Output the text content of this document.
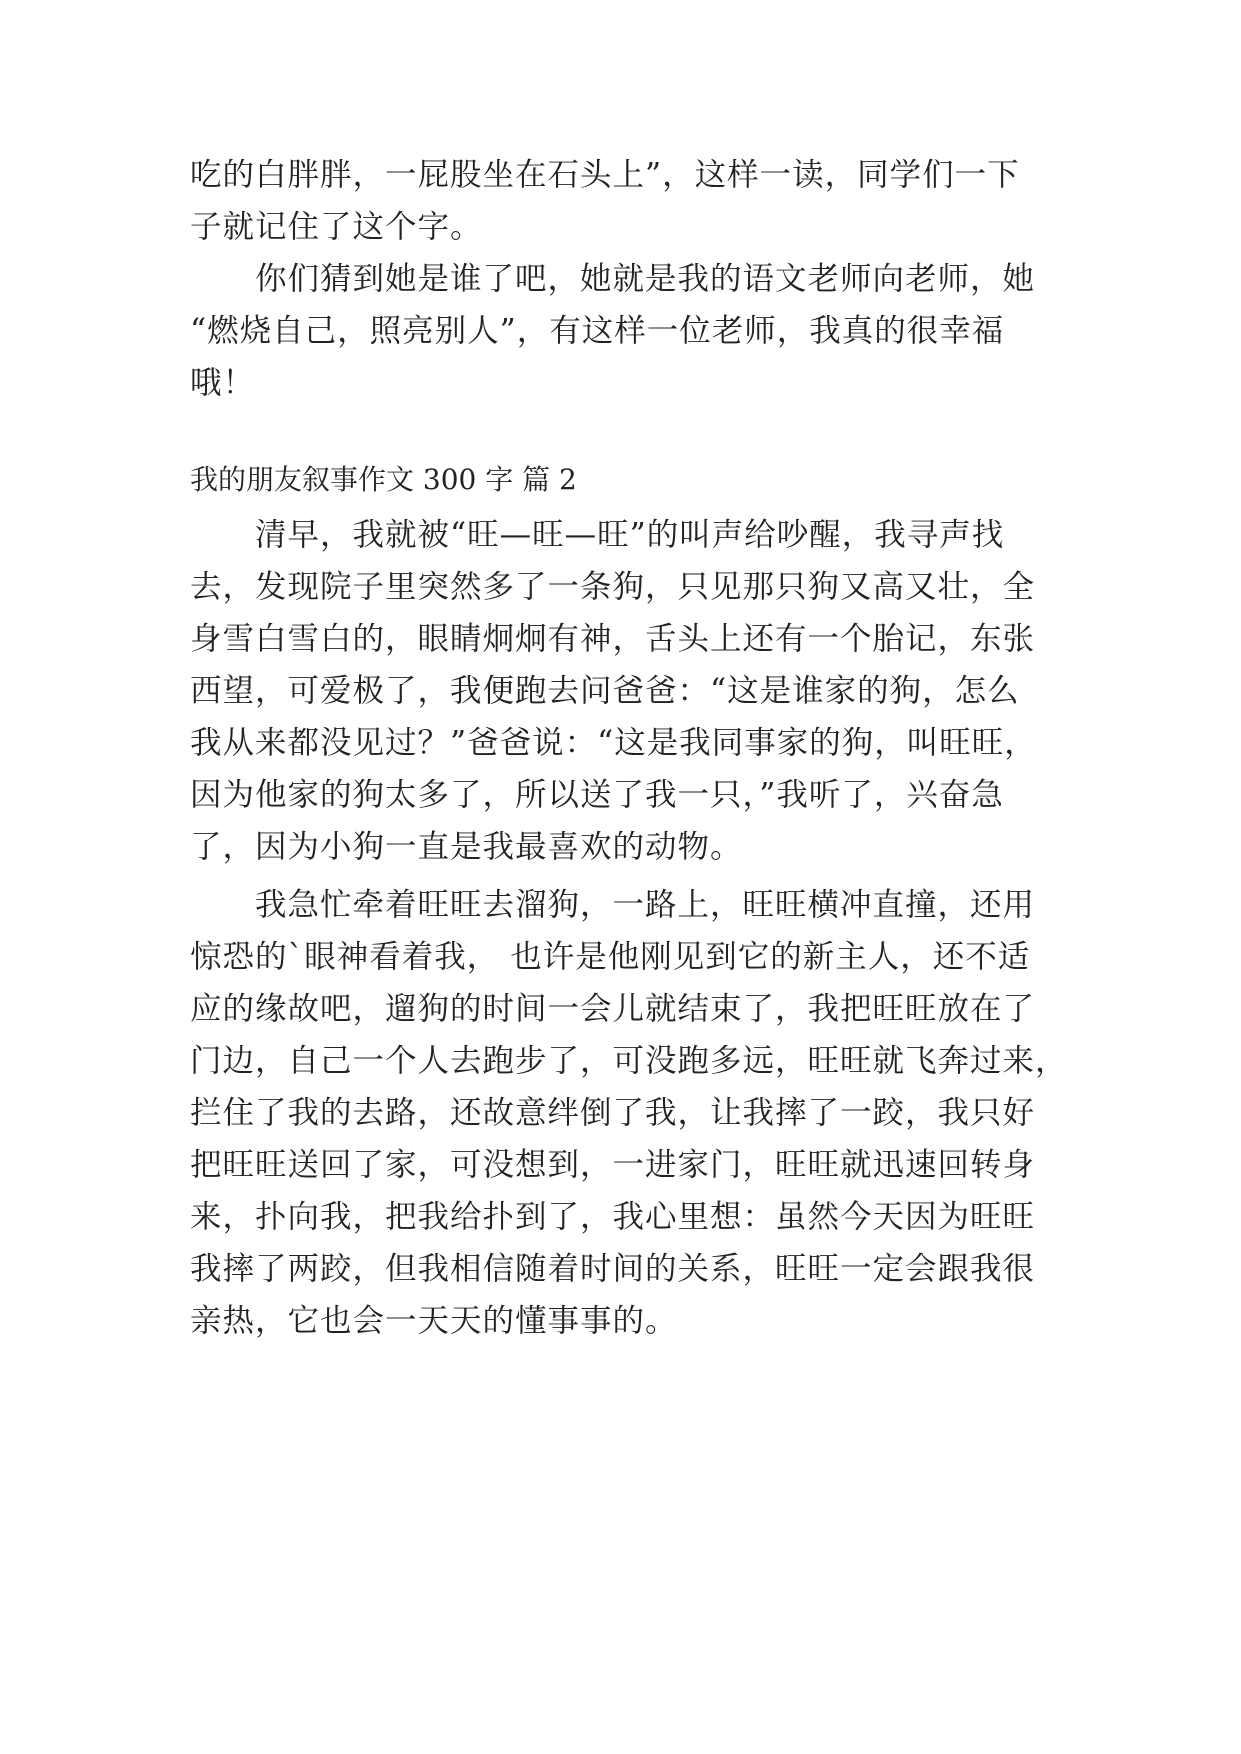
吃的白胖胖，一屁股坐在石头上”，这样一读，同学们一下
子就记住了这个字。
　　你们猜到她是谁了吧，她就是我的语文老师向老师，她
“燃烧自己，照亮别人”，有这样一位老师，我真的很幸福
哦！
我的朋友叙事作文 300 字 篇 2
　　清早，我就被“旺—旺—旺”的叫声给吵醒，我寻声找
去，发现院子里突然多了一条狗，只见那只狗又高又壮，全
身雪白雪白的，眼睛炯炯有神，舌头上还有一个胎记，东张
西望，可爱极了，我便跑去问爸爸：“这是谁家的狗，怎么
我从来都没见过？”爸爸说：“这是我同事家的狗，叫旺旺，
因为他家的狗太多了，所以送了我一只，”我听了，兴奋急
了，因为小狗一直是我最喜欢的动物。
　　我急忙牵着旺旺去溜狗，一路上，旺旺横冲直撞，还用
惊恐的`眼神看着我， 也许是他刚见到它的新主人，还不适
应的缘故吧，遛狗的时间一会儿就结束了，我把旺旺放在了
门边，自己一个人去跑步了，可没跑多远，旺旺就飞奔过来，
拦住了我的去路，还故意绊倒了我，让我摔了一跤，我只好
把旺旺送回了家，可没想到，一进家门，旺旺就迅速回转身
来，扑向我，把我给扑到了，我心里想：虽然今天因为旺旺
我摔了两跤，但我相信随着时间的关系，旺旺一定会跟我很
亲热，它也会一天天的懂事事的。
